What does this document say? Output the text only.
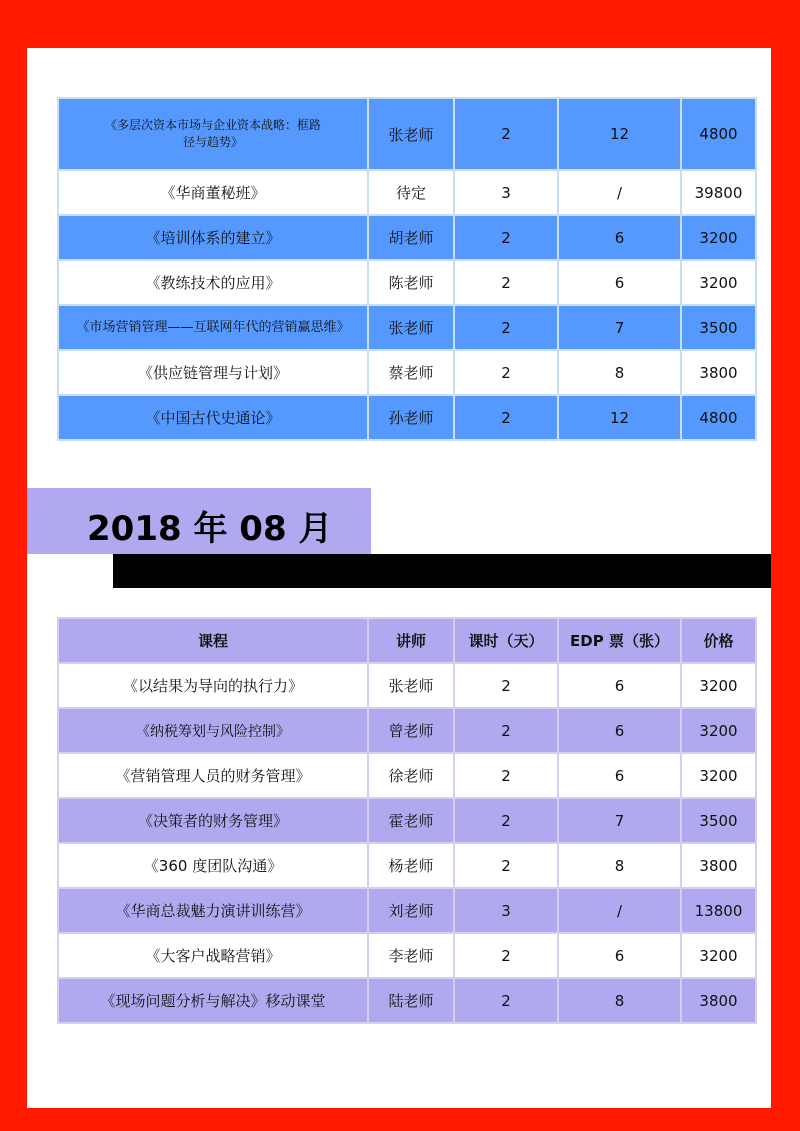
《多层次资本市场与企业资本战略：框路
径与趋势》	张老师	2	12	4800
《华商董秘班》	待定	3	/	39800
《培训体系的建立》	胡老师	2	6	3200
《教练技术的应用》	陈老师	2	6	3200
《市场营销管理——互联网年代的营销赢思维》	张老师	2	7	3500
《供应链管理与计划》	蔡老师	2	8	3800
《中国古代史通论》	孙老师	2	12	4800
2018 年 08 月
课程	讲师	课时（天）	EDP 票（张）	价格
《以结果为导向的执行力》	张老师	2	6	3200
《纳税筹划与风险控制》	曾老师	2	6	3200
《营销管理人员的财务管理》	徐老师	2	6	3200
《决策者的财务管理》	霍老师	2	7	3500
《360 度团队沟通》	杨老师	2	8	3800
《华商总裁魅力演讲训练营》	刘老师	3	/	13800
《大客户战略营销》	李老师	2	6	3200
《现场问题分析与解决》移动课堂	陆老师	2	8	3800
